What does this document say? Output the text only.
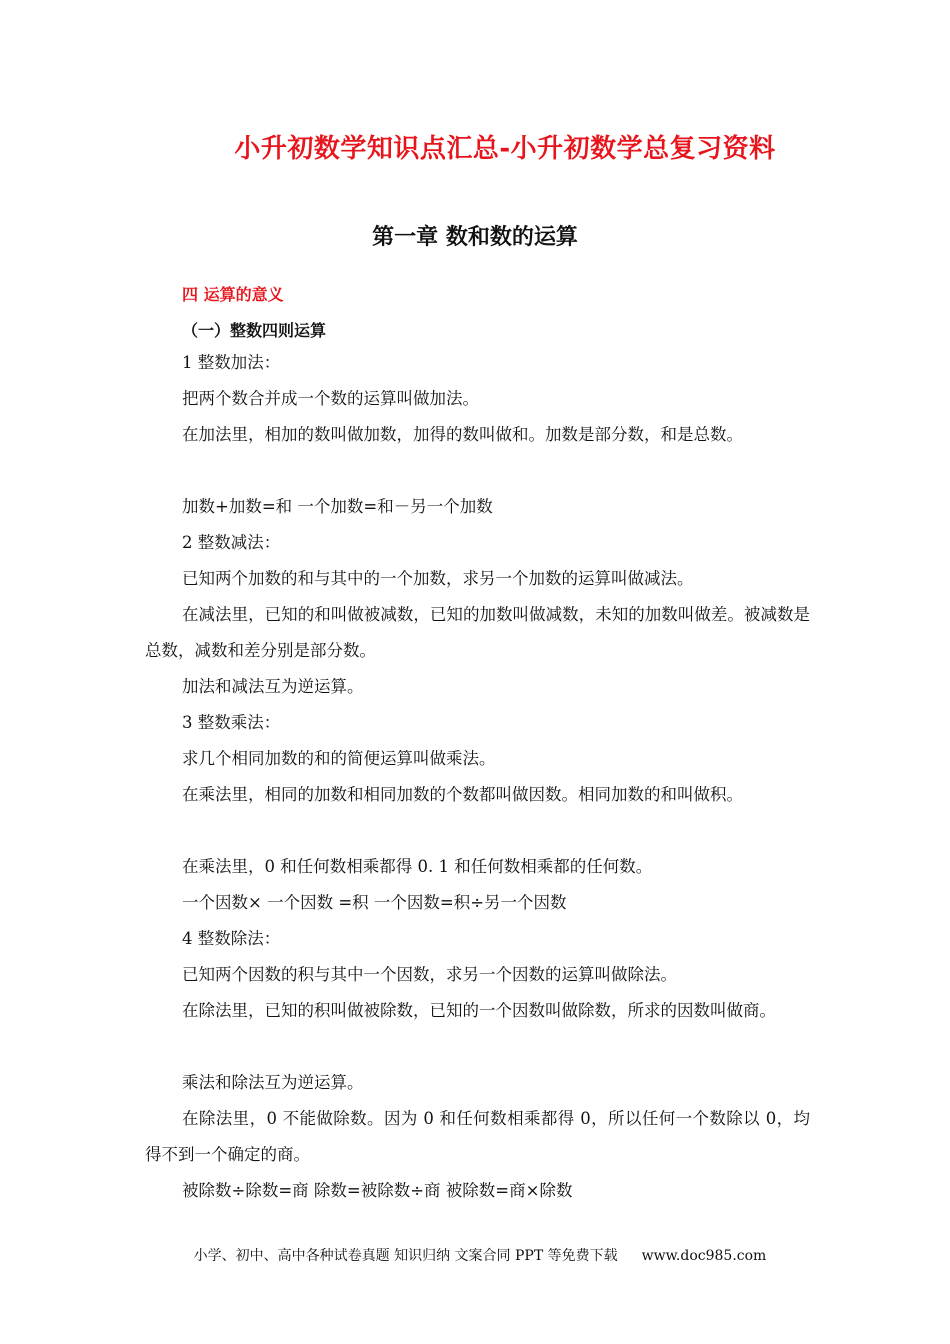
小升初数学知识点汇总-小升初数学总复习资料
第一章 数和数的运算
四 运算的意义
（一）整数四则运算
1 整数加法：
把两个数合并成一个数的运算叫做加法。
在加法里，相加的数叫做加数，加得的数叫做和。加数是部分数，和是总数。
加数+加数=和 一个加数=和－另一个加数
2 整数减法：
已知两个加数的和与其中的一个加数，求另一个加数的运算叫做减法。
在减法里，已知的和叫做被减数，已知的加数叫做减数，未知的加数叫做差。被减数是总数，减数和差分别是部分数。
加法和减法互为逆运算。
3 整数乘法：
求几个相同加数的和的简便运算叫做乘法。
在乘法里，相同的加数和相同加数的个数都叫做因数。相同加数的和叫做积。
在乘法里，0 和任何数相乘都得 0. 1 和任何数相乘都的任何数。
一个因数× 一个因数 =积 一个因数=积÷另一个因数
4 整数除法：
已知两个因数的积与其中一个因数，求另一个因数的运算叫做除法。
在除法里，已知的积叫做被除数，已知的一个因数叫做除数，所求的因数叫做商。
乘法和除法互为逆运算。
在除法里，0 不能做除数。因为 0 和任何数相乘都得 0，所以任何一个数除以 0，均得不到一个确定的商。
被除数÷除数=商 除数=被除数÷商 被除数=商×除数
小学、初中、高中各种试卷真题 知识归纳 文案合同 PPT 等免费下载 www.doc985.com
